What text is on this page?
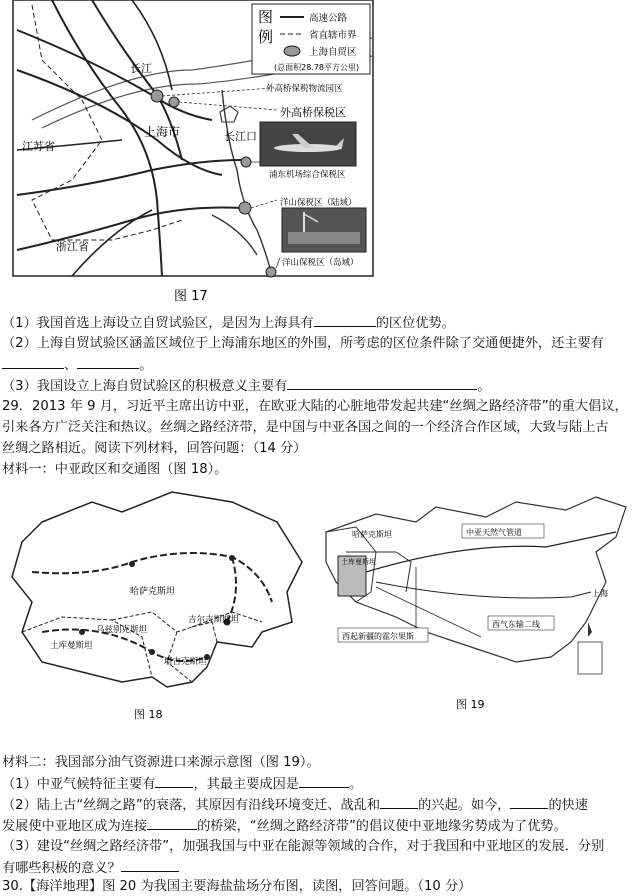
图
例
高速公路
省直辖市界
上海自贸区
(总面积28.78平方公里)
长江
江苏省
上海市
浙江省
长江口
外高桥保税物流园区
外高桥保税区
浦东机场综合保税区
洋山保税区（陆域）
洋山保税区（岛域）
图 17
（1）我国首选上海设立自贸试验区，是因为上海具有	的区位优势。
（2）上海自贸试验区涵盖区域位于上海浦东地区的外围，所考虑的区位条件除了交通便捷外，还主要有
、	。
（3）我国设立上海自贸试验区的积极意义主要有	。
29．2013 年 9 月，习近平主席出访中亚，在欧亚大陆的心脏地带发起共建“丝绸之路经济带”的重大倡议，
引来各方广泛关注和热议。丝绸之路经济带，是中国与中亚各国之间的一个经济合作区域，大致与陆上古
丝绸之路相近。阅读下列材料，回答问题：（14 分）
材料一：中亚政区和交通图（图 18）。
哈萨克斯坦
乌兹别克斯坦
吉尔吉斯斯坦
土库曼斯坦
塔吉克斯坦
图 18
哈萨克斯坦	中亚天然气管道
土库曼斯坦
上海
西气东输二线
西起新疆的霍尔果斯
图 19
材料二：我国部分油气资源进口来源示意图（图 19）。
（1）中亚气候特征主要有	，其最主要成因是	。
（2）陆上古“丝绸之路”的衰落，其原因有沿线环境变迁、战乱和	的兴起。如今，	的快速
发展使中亚地区成为连接	的桥梁，“丝绸之路经济带”的倡议使中亚地缘劣势成为了优势。
（3）建设“丝绸之路经济带”，加强我国与中亚在能源等领域的合作，对于我国和中亚地区的发展．分别
有哪些积极的意义？
30.【海洋地理】图 20 为我国主要海盐盐场分布图，读图，回答问题。（10 分）
